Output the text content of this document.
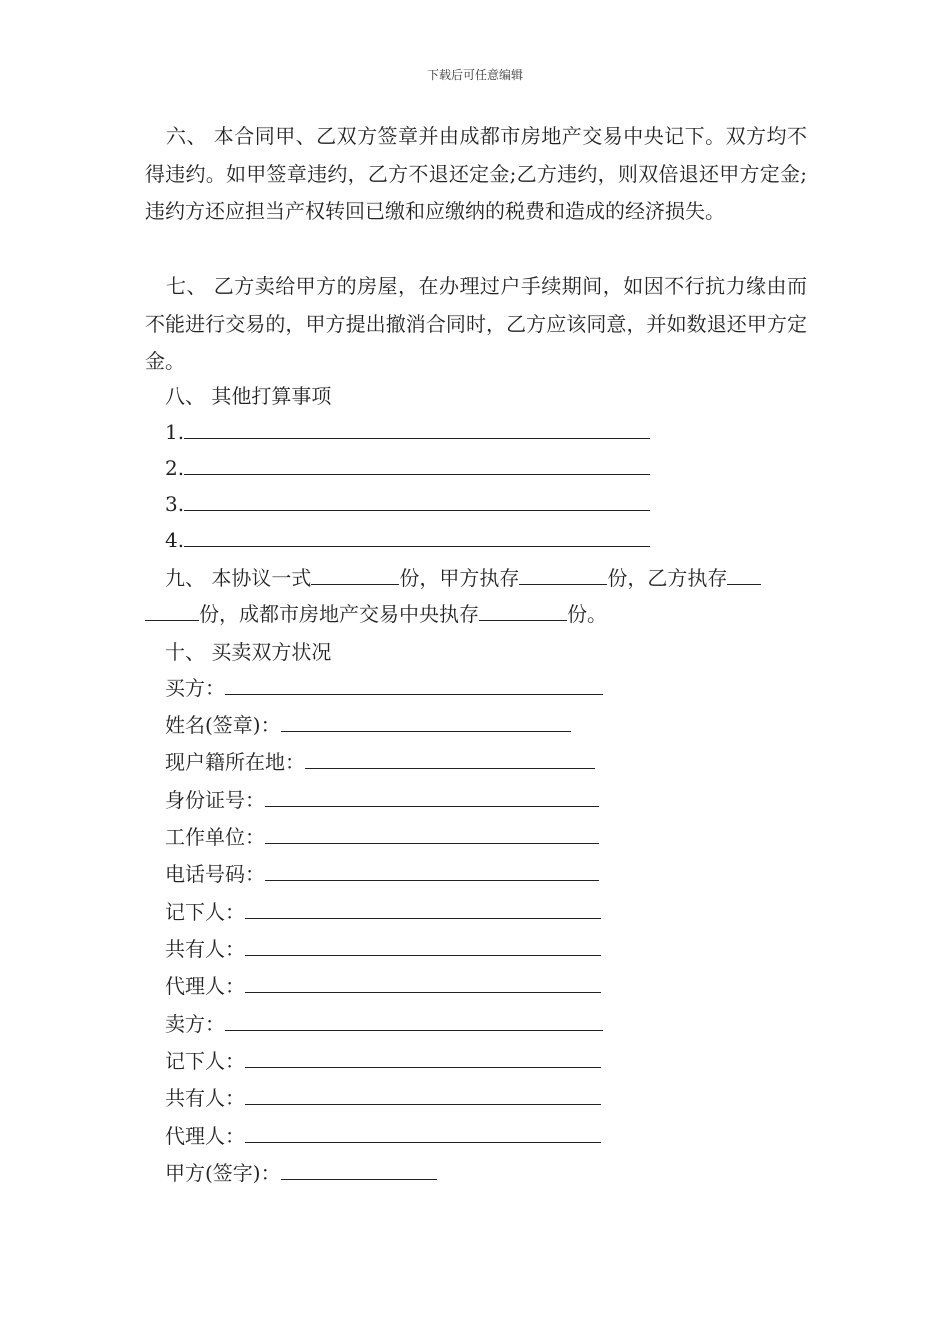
下载后可任意编辑

六、 本合同甲、乙双方签章并由成都市房地产交易中央记下。双方均不得违约。如甲签章违约，乙方不退还定金;乙方违约，则双倍退还甲方定金;违约方还应担当产权转回已缴和应缴纳的税费和造成的经济损失。

七、 乙方卖给甲方的房屋，在办理过户手续期间，如因不行抗力缘由而不能进行交易的，甲方提出撤消合同时，乙方应该同意，并如数退还甲方定金。

八、 其他打算事项
1.
2.
3.
4.
九、 本协议一式	份，甲方执存	份，乙方执存
份，成都市房地产交易中央执存	份。
十、 买卖双方状况
买方：
姓名(签章)：
现户籍所在地：
身份证号：
工作单位：
电话号码：
记下人：
共有人：
代理人：
卖方：
记下人：
共有人：
代理人：
甲方(签字)：
